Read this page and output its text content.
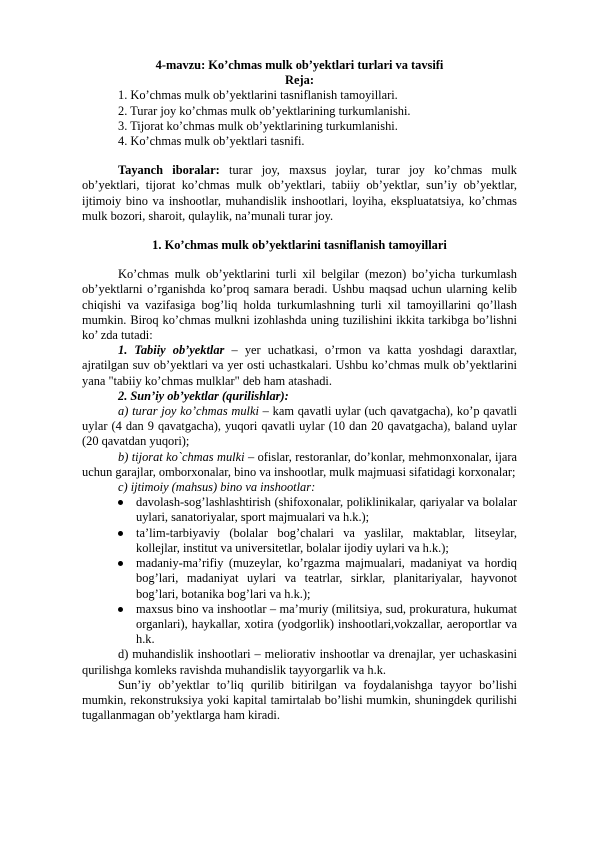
4-mavzu: Ko’chmas mulk ob’yektlari turlari va tavsifi

Reja:

1. Ko’chmas mulk ob’yektlarini tasniflanish tamoyillari.

2. Turar joy ko’chmas mulk ob’yektlarining turkumlanishi.

3. Tijorat ko’chmas mulk ob’yektlarining turkumlanishi.

4. Ko’chmas mulk ob’yektlari tasnifi.

Tayanch iboralar: turar joy, maxsus joylar, turar joy ko’chmas mulk ob’yektlari, tijorat ko’chmas mulk ob’yektlari, tabiiy ob’yektlar, sun’iy ob’yektlar, ijtimoiy bino va inshootlar, muhandislik inshootlari, loyiha, ekspluatatsiya, ko’chmas mulk bozori, sharoit, qulaylik, na’munali turar joy.

1. Ko’chmas mulk ob’yektlarini tasniflanish tamoyillari

Ko’chmas mulk ob’yektlarini turli xil belgilar (mezon) bo’yicha turkumlash ob’yektlarni o’rganishda ko’proq samara beradi. Ushbu maqsad uchun ularning kelib chiqishi va vazifasiga bog’liq holda turkumlashning turli xil tamoyillarini qo’llash mumkin. Biroq ko’chmas mulkni izohlashda uning tuzilishini ikkita tarkibga bo’lishni ko’ zda tutadi:

1. Tabiiy ob’yektlar – yer uchatkasi, o’rmon va katta yoshdagi daraxtlar, ajratilgan suv ob’yektlari va yer osti uchastkalari. Ushbu ko’chmas mulk ob’yektlarini yana "tabiiy ko’chmas mulklar" deb ham atashadi.

2. Sun’iy ob’yektlar (qurilishlar):

a) turar joy ko’chmas mulki – kam qavatli uylar (uch qavatgacha), ko’p qavatli uylar (4 dan 9 qavatgacha), yuqori qavatli uylar (10 dan 20 qavatgacha), baland uylar (20 qavatdan yuqori);

b) tijorat ko`chmas mulki – ofislar, restoranlar, do’konlar, mehmonxonalar, ijara uchun garajlar, omborxonalar, bino va inshootlar, mulk majmuasi sifatidagi korxonalar;

c) ijtimoiy (mahsus) bino va inshootlar:

davolash-sog’lashlashtirish (shifoxonalar, poliklinikalar, qariyalar va bolalar uylari, sanatoriyalar, sport majmualari va h.k.);
ta’lim-tarbiyaviy (bolalar bog’chalari va yaslilar, maktablar, litseylar, kollejlar, institut va universitetlar, bolalar ijodiy uylari va h.k.);
madaniy-ma’rifiy (muzeylar, ko’rgazma majmualari, madaniyat va hordiq bog’lari, madaniyat uylari va teatrlar, sirklar, planitariyalar, hayvonot bog’lari, botanika bog’lari va h.k.);
maxsus bino va inshootlar – ma’muriy (militsiya, sud, prokuratura, hukumat organlari), haykallar, xotira (yodgorlik) inshootlari,vokzallar, aeroportlar va h.k.

d) muhandislik inshootlari – meliorativ inshootlar va drenajlar, yer uchaskasini qurilishga komleks ravishda muhandislik tayyorgarlik va h.k.

Sun’iy ob’yektlar to’liq qurilib bitirilgan va foydalanishga tayyor bo’lishi mumkin, rekonstruksiya yoki kapital tamirtalab bo’lishi mumkin, shuningdek qurilishi tugallanmagan ob’yektlarga ham kiradi.
